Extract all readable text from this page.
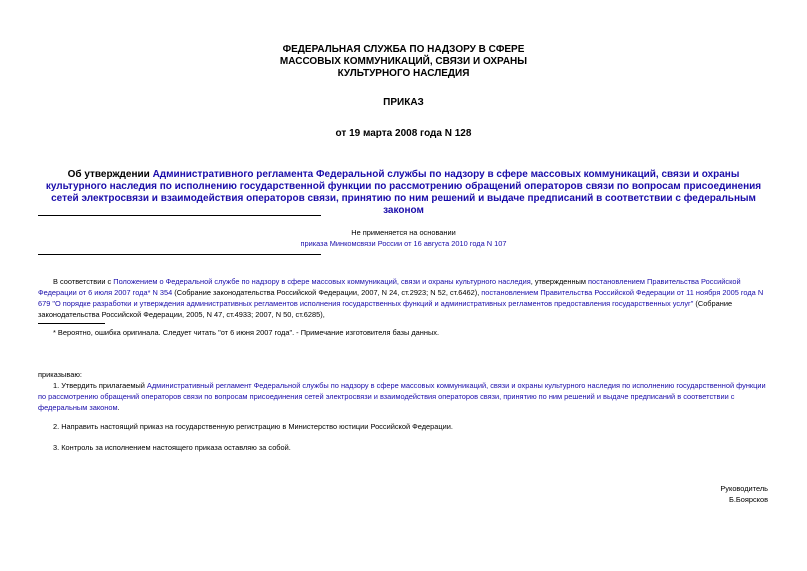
ФЕДЕРАЛЬНАЯ СЛУЖБА ПО НАДЗОРУ В СФЕРЕ
МАССОВЫХ КОММУНИКАЦИЙ, СВЯЗИ И ОХРАНЫ
КУЛЬТУРНОГО НАСЛЕДИЯ
ПРИКАЗ
от 19 марта 2008 года N 128
Об утверждении Административного регламента Федеральной службы по надзору в сфере массовых коммуникаций, связи и охраны культурного наследия по исполнению государственной функции по рассмотрению обращений операторов связи по вопросам присоединения сетей электросвязи и взаимодействия операторов связи, принятию по ним решений и выдаче предписаний в соответствии с федеральным законом
Не применяется на основании
приказа Минкомсвязи России от 16 августа 2010 года N 107
В соответствии с Положением о Федеральной службе по надзору в сфере массовых коммуникаций, связи и охраны культурного наследия, утвержденным постановлением Правительства Российской Федерации от 6 июля 2007 года* N 354 (Собрание законодательства Российской Федерации, 2007, N 24, ст.2923; N 52, ст.6462), постановлением Правительства Российской Федерации от 11 ноября 2005 года N 679 "О порядке разработки и утверждения административных регламентов исполнения государственных функций и административных регламентов предоставления государственных услуг" (Собрание законодательства Российской Федерации, 2005, N 47, ст.4933; 2007, N 50, ст.6285),
* Вероятно, ошибка оригинала. Следует читать "от 6 июня 2007 года". - Примечание изготовителя базы данных.
приказываю:
1. Утвердить прилагаемый Административный регламент Федеральной службы по надзору в сфере массовых коммуникаций, связи и охраны культурного наследия по исполнению государственной функции по рассмотрению обращений операторов связи по вопросам присоединения сетей электросвязи и взаимодействия операторов связи, принятию по ним решений и выдаче предписаний в соответствии с федеральным законом.
2. Направить настоящий приказ на государственную регистрацию в Министерство юстиции Российской Федерации.
3. Контроль за исполнением настоящего приказа оставляю за собой.
Руководитель
Б.Боярсков
